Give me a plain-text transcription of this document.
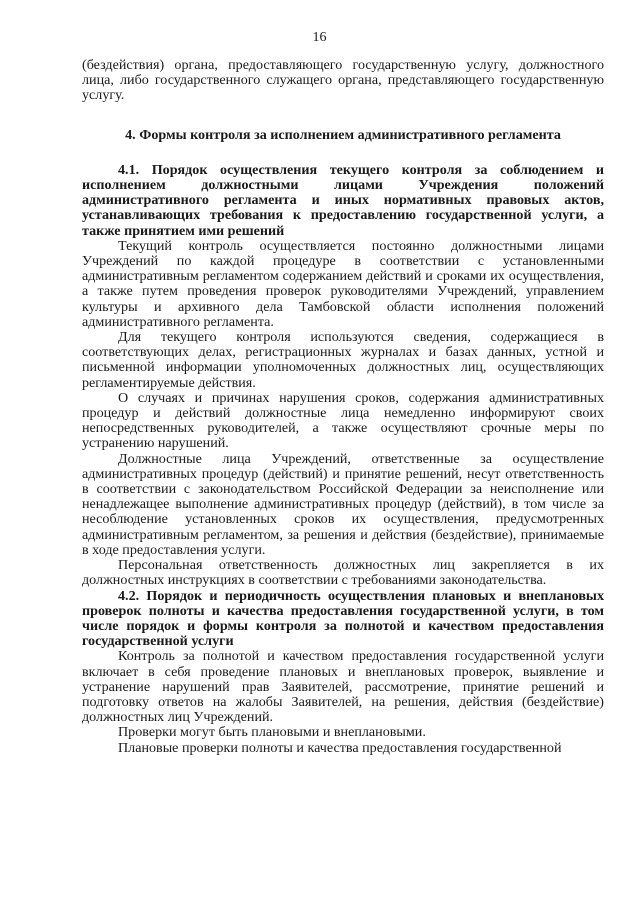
16

(бездействия) органа, предоставляющего государственную услугу, должностного лица, либо государственного служащего органа, представляющего государственную услугу.

4. Формы контроля за исполнением административного регламента

4.1. Порядок осуществления текущего контроля за соблюдением и исполнением должностными лицами Учреждения положений административного регламента и иных нормативных правовых актов, устанавливающих требования к предоставлению государственной услуги, а также принятием ими решений

Текущий контроль осуществляется постоянно должностными лицами Учреждений по каждой процедуре в соответствии с установленными административным регламентом содержанием действий и сроками их осуществления, а также путем проведения проверок руководителями Учреждений, управлением культуры и архивного дела Тамбовской области исполнения положений административного регламента.

Для текущего контроля используются сведения, содержащиеся в соответствующих делах, регистрационных журналах и базах данных, устной и письменной информации уполномоченных должностных лиц, осуществляющих регламентируемые действия.

О случаях и причинах нарушения сроков, содержания административных процедур и действий должностные лица немедленно информируют своих непосредственных руководителей, а также осуществляют срочные меры по устранению нарушений.

Должностные лица Учреждений, ответственные за осуществление административных процедур (действий) и принятие решений, несут ответственность в соответствии с законодательством Российской Федерации за неисполнение или ненадлежащее выполнение административных процедур (действий), в том числе за несоблюдение установленных сроков их осуществления, предусмотренных административным регламентом, за решения и действия (бездействие), принимаемые в ходе предоставления услуги.

Персональная ответственность должностных лиц закрепляется в их должностных инструкциях в соответствии с требованиями законодательства.

4.2. Порядок и периодичность осуществления плановых и внеплановых проверок полноты и качества предоставления государственной услуги, в том числе порядок и формы контроля за полнотой и качеством предоставления государственной услуги

Контроль за полнотой и качеством предоставления государственной услуги включает в себя проведение плановых и внеплановых проверок, выявление и устранение нарушений прав Заявителей, рассмотрение, принятие решений и подготовку ответов на жалобы Заявителей, на решения, действия (бездействие) должностных лиц Учреждений.

Проверки могут быть плановыми и внеплановыми.

Плановые проверки полноты и качества предоставления государственной
